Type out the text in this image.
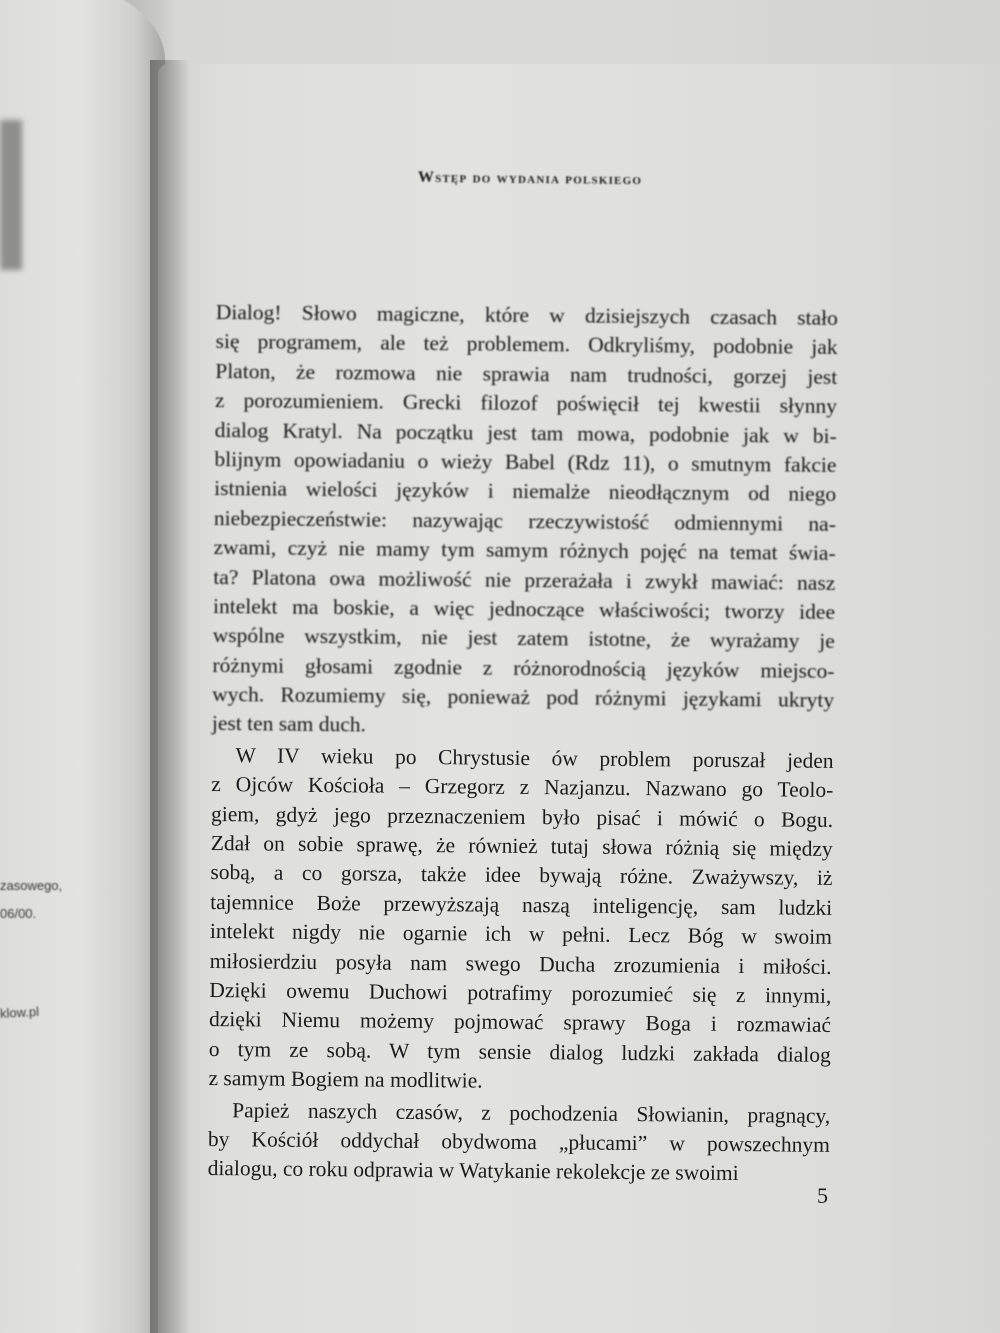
zasowego,
06/00.
klow.pl
Wstęp do wydania polskiego
Dialog! Słowo magiczne, które w dzisiejszych czasach stało
się programem, ale też problemem. Odkryliśmy, podobnie jak
Platon, że rozmowa nie sprawia nam trudności, gorzej jest
z porozumieniem. Grecki filozof poświęcił tej kwestii słynny
dialog Kratyl. Na początku jest tam mowa, podobnie jak w bi-
blijnym opowiadaniu o wieży Babel (Rdz 11), o smutnym fakcie
istnienia wielości języków i niemalże nieodłącznym od niego
niebezpieczeństwie: nazywając rzeczywistość odmiennymi na-
zwami, czyż nie mamy tym samym różnych pojęć na temat świa-
ta? Platona owa możliwość nie przerażała i zwykł mawiać: nasz
intelekt ma boskie, a więc jednoczące właściwości; tworzy idee
wspólne wszystkim, nie jest zatem istotne, że wyrażamy je
różnymi głosami zgodnie z różnorodnością języków miejsco-
wych. Rozumiemy się, ponieważ pod różnymi językami ukryty
jest ten sam duch.
W IV wieku po Chrystusie ów problem poruszał jeden
z Ojców Kościoła – Grzegorz z Nazjanzu. Nazwano go Teolo-
giem, gdyż jego przeznaczeniem było pisać i mówić o Bogu.
Zdał on sobie sprawę, że również tutaj słowa różnią się między
sobą, a co gorsza, także idee bywają różne. Zważywszy, iż
tajemnice Boże przewyższają naszą inteligencję, sam ludzki
intelekt nigdy nie ogarnie ich w pełni. Lecz Bóg w swoim
miłosierdziu posyła nam swego Ducha zrozumienia i miłości.
Dzięki owemu Duchowi potrafimy porozumieć się z innymi,
dzięki Niemu możemy pojmować sprawy Boga i rozmawiać
o tym ze sobą. W tym sensie dialog ludzki zakłada dialog
z samym Bogiem na modlitwie.
Papież naszych czasów, z pochodzenia Słowianin, pragnący,
by Kościół oddychał obydwoma „płucami” w powszechnym
dialogu, co roku odprawia w Watykanie rekolekcje ze swoimi
5
